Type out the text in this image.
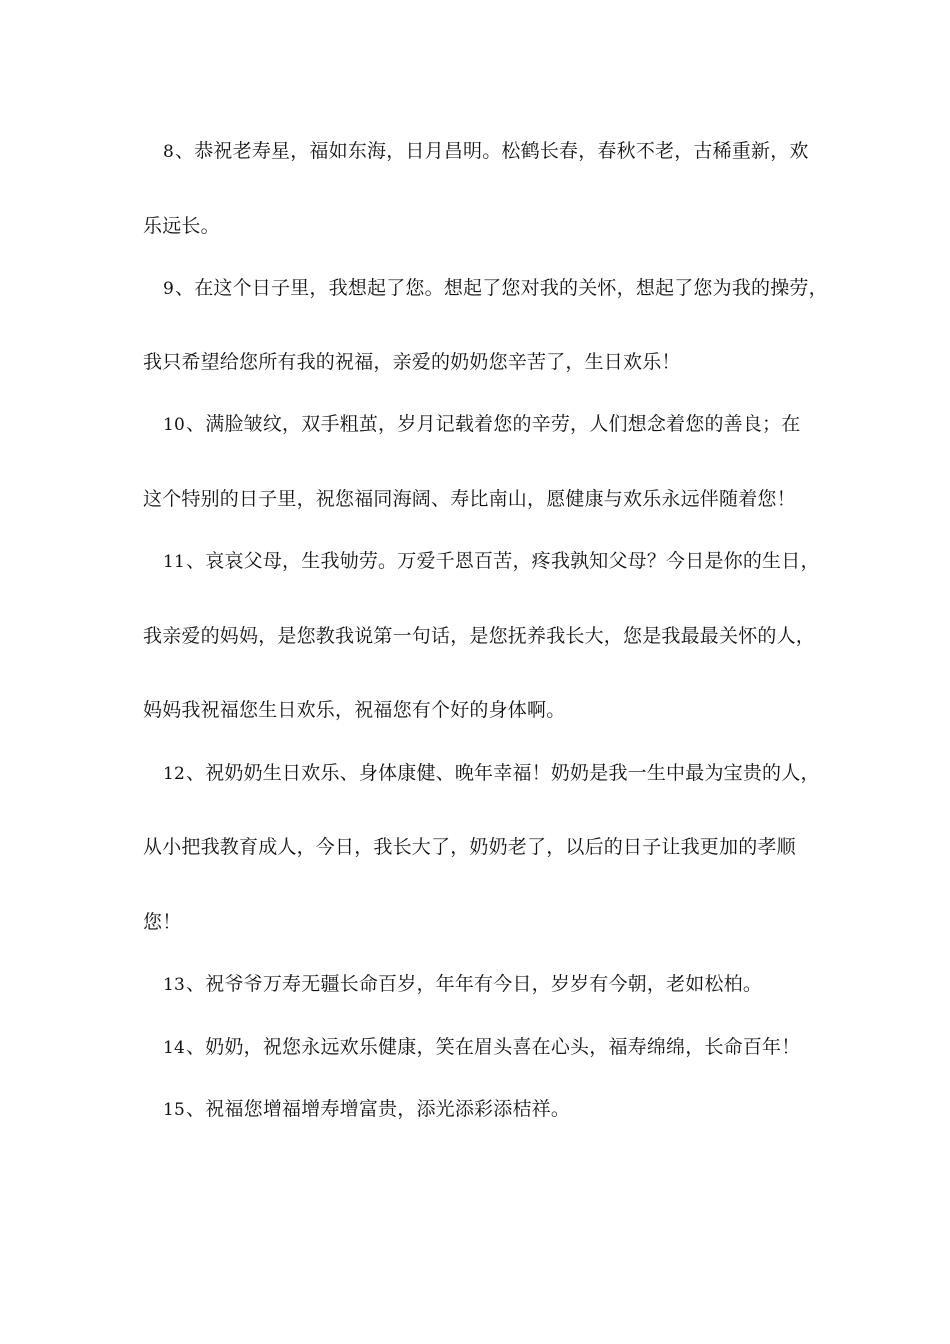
8、恭祝老寿星，福如东海，日月昌明。松鹤长春，春秋不老，古稀重新，欢
乐远长。
9、在这个日子里，我想起了您。想起了您对我的关怀，想起了您为我的操劳，
我只希望给您所有我的祝福，亲爱的奶奶您辛苦了，生日欢乐！
10、满脸皱纹，双手粗茧，岁月记载着您的辛劳，人们想念着您的善良；在
这个特别的日子里，祝您福同海阔、寿比南山，愿健康与欢乐永远伴随着您！
11、哀哀父母，生我劬劳。万爱千恩百苦，疼我孰知父母？今日是你的生日，
我亲爱的妈妈，是您教我说第一句话，是您抚养我长大，您是我最最关怀的人，
妈妈我祝福您生日欢乐，祝福您有个好的身体啊。
12、祝奶奶生日欢乐、身体康健、晚年幸福！奶奶是我一生中最为宝贵的人，
从小把我教育成人，今日，我长大了，奶奶老了，以后的日子让我更加的孝顺
您！
13、祝爷爷万寿无疆长命百岁，年年有今日，岁岁有今朝，老如松柏。
14、奶奶，祝您永远欢乐健康，笑在眉头喜在心头，福寿绵绵，长命百年！
15、祝福您增福增寿增富贵，添光添彩添桔祥。
